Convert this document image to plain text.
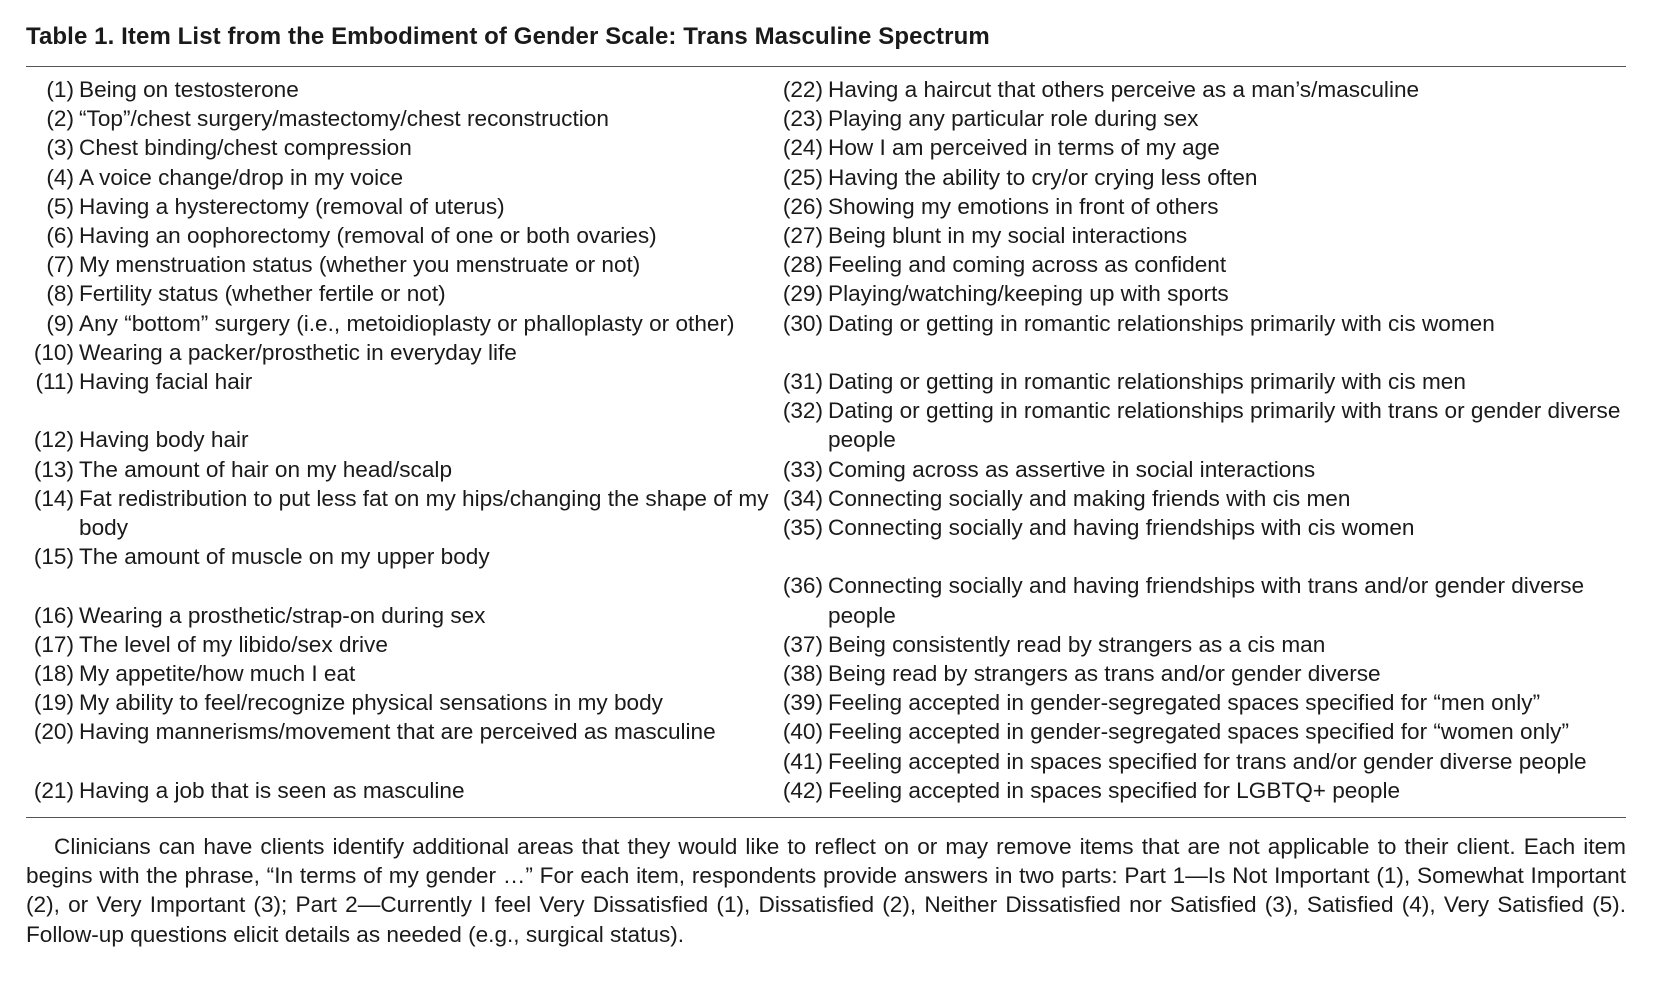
Table 1. Item List from the Embodiment of Gender Scale: Trans Masculine Spectrum
(1) Being on testosterone
(2) “Top”/chest surgery/mastectomy/chest reconstruction
(3) Chest binding/chest compression
(4) A voice change/drop in my voice
(5) Having a hysterectomy (removal of uterus)
(6) Having an oophorectomy (removal of one or both ovaries)
(7) My menstruation status (whether you menstruate or not)
(8) Fertility status (whether fertile or not)
(9) Any “bottom” surgery (i.e., metoidioplasty or phalloplasty or other)
(10) Wearing a packer/prosthetic in everyday life
(11) Having facial hair
(12) Having body hair
(13) The amount of hair on my head/scalp
(14) Fat redistribution to put less fat on my hips/changing the shape of my body
(15) The amount of muscle on my upper body
(16) Wearing a prosthetic/strap-on during sex
(17) The level of my libido/sex drive
(18) My appetite/how much I eat
(19) My ability to feel/recognize physical sensations in my body
(20) Having mannerisms/movement that are perceived as masculine
(21) Having a job that is seen as masculine
(22) Having a haircut that others perceive as a man’s/masculine
(23) Playing any particular role during sex
(24) How I am perceived in terms of my age
(25) Having the ability to cry/or crying less often
(26) Showing my emotions in front of others
(27) Being blunt in my social interactions
(28) Feeling and coming across as confident
(29) Playing/watching/keeping up with sports
(30) Dating or getting in romantic relationships primarily with cis women
(31) Dating or getting in romantic relationships primarily with cis men
(32) Dating or getting in romantic relationships primarily with trans or gender diverse people
(33) Coming across as assertive in social interactions
(34) Connecting socially and making friends with cis men
(35) Connecting socially and having friendships with cis women
(36) Connecting socially and having friendships with trans and/or gender diverse people
(37) Being consistently read by strangers as a cis man
(38) Being read by strangers as trans and/or gender diverse
(39) Feeling accepted in gender-segregated spaces specified for “men only”
(40) Feeling accepted in gender-segregated spaces specified for “women only”
(41) Feeling accepted in spaces specified for trans and/or gender diverse people
(42) Feeling accepted in spaces specified for LGBTQ+ people

Clinicians can have clients identify additional areas that they would like to reflect on or may remove items that are not applicable to their client. Each item begins with the phrase, “In terms of my gender …” For each item, respondents provide answers in two parts: Part 1—Is Not Important (1), Somewhat Important (2), or Very Important (3); Part 2—Currently I feel Very Dissatisfied (1), Dissatisfied (2), Neither Dissatisfied nor Satisfied (3), Satisfied (4), Very Satisfied (5). Follow-up questions elicit details as needed (e.g., surgical status).
